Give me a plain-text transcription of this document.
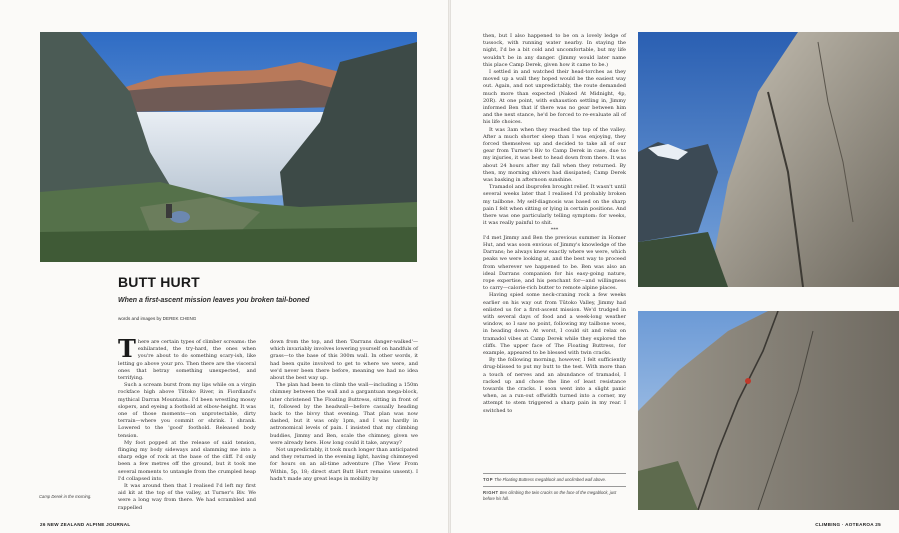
BUTT HURT
When a first-ascent mission leaves you broken tail-boned
words and images by DEREK CHENG

There are certain types of climber screams: the exhilarated, the try-hard, the ones when you're about to do something scary-ish, like letting go above your pro. Then there are the visceral ones that betray something unexpected, and terrifying.

Such a scream burst from my lips while on a virgin rockface high above Tūtoko River, in Fiordland's mythical Darran Mountains. I'd been wrestling mossy slopers, and eyeing a foothold at elbow-height. It was one of those moments—on unprotectable, dirty terrain—where you commit or shrink. I shrank. Lowered to the 'good' foothold. Released body tension.

My foot popped at the release of said tension, flinging my body sideways and slamming me into a sharp edge of rock at the base of the cliff. I'd only been a few metres off the ground, but it took me several moments to untangle from the crumpled heap I'd collapsed into.

It was around then that I realised I'd left my first aid kit at the top of the valley, at Turner's Biv. We were a long way from there. We had scrambled and rappelled

down from the top, and then 'Darrans danger-walked'—which invariably involves lowering yourself on handfuls of grass—to the base of this 300m wall. In other words, it had been quite involved to get to where we were, and we'd never been there before, meaning we had no idea about the best way up.

The plan had been to climb the wall—including a 150m chimney between the wall and a gargantuan mega-block, later christened The Floating Buttress, sitting in front of it, followed by the headwall—before casually heading back to the bivvy that evening. That plan was now dashed, but it was only 1pm, and I was hardly in astronomical levels of pain. I insisted that my climbing buddies, Jimmy and Ben, scale the chimney, given we were already here. How long could it take, anyway?

Not unpredictably, it took much longer than anticipated and they returned in the evening light, having chimneyed for hours on an all-time adventure (The View From Within, 5p, 18; direct start Butt Hurt remains unsent). I hadn't made any great leaps in mobility by

Camp Derek in the morning.
26 NEW ZEALAND ALPINE JOURNAL

then, but I also happened to be on a lovely ledge of tussock, with running water nearby. In staying the night, I'd be a bit cold and uncomfortable, but my life wouldn't be in any danger. (Jimmy would later name this place Camp Derek, given how it came to be.)

I settled in and watched their head-torches as they moved up a wall they hoped would be the easiest way out. Again, and not unpredictably, the route demanded much more than expected (Naked At Midnight, 4p, 20R). At one point, with exhaustion settling in, Jimmy informed Ben that if there was no gear between him and the next stance, he'd be forced to re-evaluate all of his life choices.

It was 3am when they reached the top of the valley. After a much shorter sleep than I was enjoying, they forced themselves up and decided to take all of our gear from Turner's Biv to Camp Derek in case, due to my injuries, it was best to head down from there. It was about 24 hours after my fall when they returned. By then, my morning shivers had dissipated; Camp Derek was basking in afternoon sunshine.

Tramadol and ibuprofen brought relief. It wasn't until several weeks later that I realised I'd probably broken my tailbone. My self-diagnosis was based on the sharp pain I felt when sitting or lying in certain positions. And there was one particularly telling symptom: for weeks, it was really painful to shit.

***

I'd met Jimmy and Ben the previous summer in Homer Hut, and was soon envious of Jimmy's knowledge of the Darrans; he always knew exactly where we were, which peaks we were looking at, and the best way to proceed from wherever we happened to be. Ben was also an ideal Darrans companion for his easy-going nature, rope expertise, and his penchant for—and willingness to carry—calorie-rich butter to remote alpine places.

Having spied some neck-craning rock a few weeks earlier on his way out from Tūtoko Valley, Jimmy had enlisted us for a first-ascent mission. We'd trudged in with several days of food and a week-long weather window, so I saw no point, following my tailbone woes, in heading down. At worst, I could sit and relax on tramadol vibes at Camp Derek while they explored the cliffs. The upper face of The Floating Buttress, for example, appeared to be blessed with twin cracks.

By the following morning, however, I felt sufficiently drug-blissed to put my butt to the test. With more than a touch of nerves and an abundance of tramadol, I racked up and chose the line of least resistance towards the cracks. I soon went into a slight panic when, as a run-out offwidth turned into a corner, my attempt to stem triggered a sharp pain in my rear. I switched to

TOP The Floating Buttress megablock and unclimbed wall above.
RIGHT Ben climbing the twin cracks on the face of the megablock, just before his fall.
CLIMBING · AOTEAROA 25
